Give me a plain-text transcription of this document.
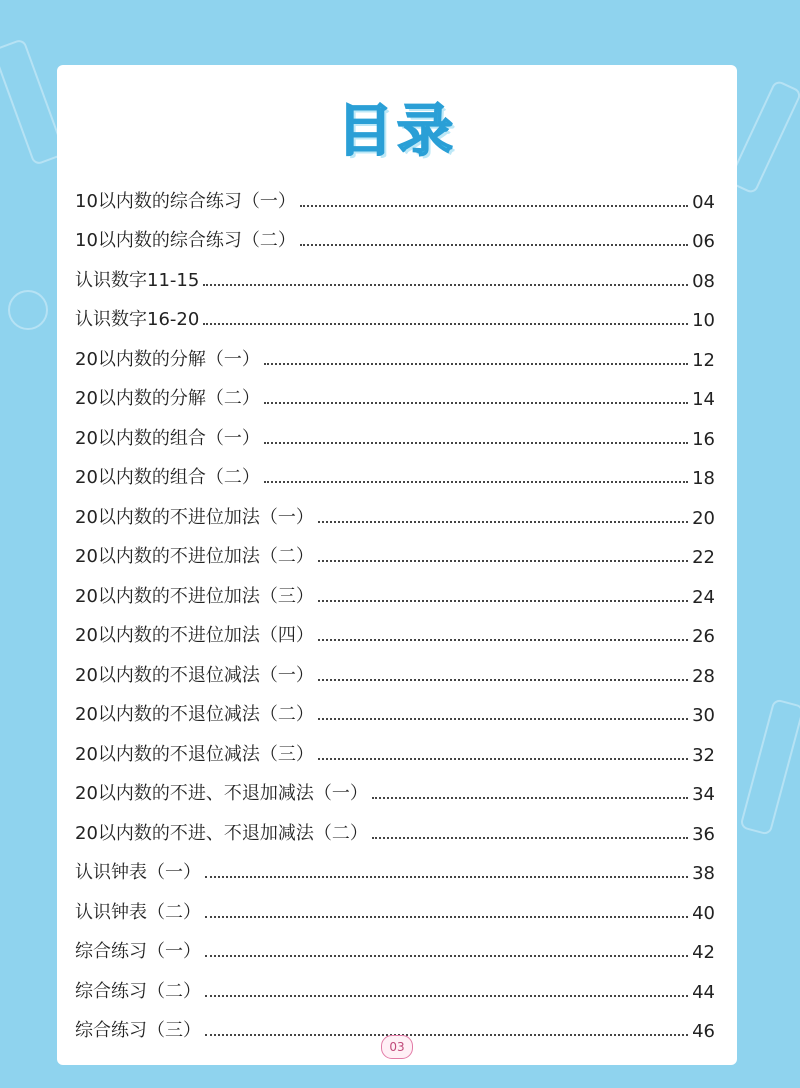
目录
10以内数的综合练习（一）	04
10以内数的综合练习（二）	06
认识数字11-15	08
认识数字16-20	10
20以内数的分解（一）	12
20以内数的分解（二）	14
20以内数的组合（一）	16
20以内数的组合（二）	18
20以内数的不进位加法（一）	20
20以内数的不进位加法（二）	22
20以内数的不进位加法（三）	24
20以内数的不进位加法（四）	26
20以内数的不退位减法（一）	28
20以内数的不退位减法（二）	30
20以内数的不退位减法（三）	32
20以内数的不进、不退加减法（一）	34
20以内数的不进、不退加减法（二）	36
认识钟表（一）	38
认识钟表（二）	40
综合练习（一）	42
综合练习（二）	44
综合练习（三）	46
03
